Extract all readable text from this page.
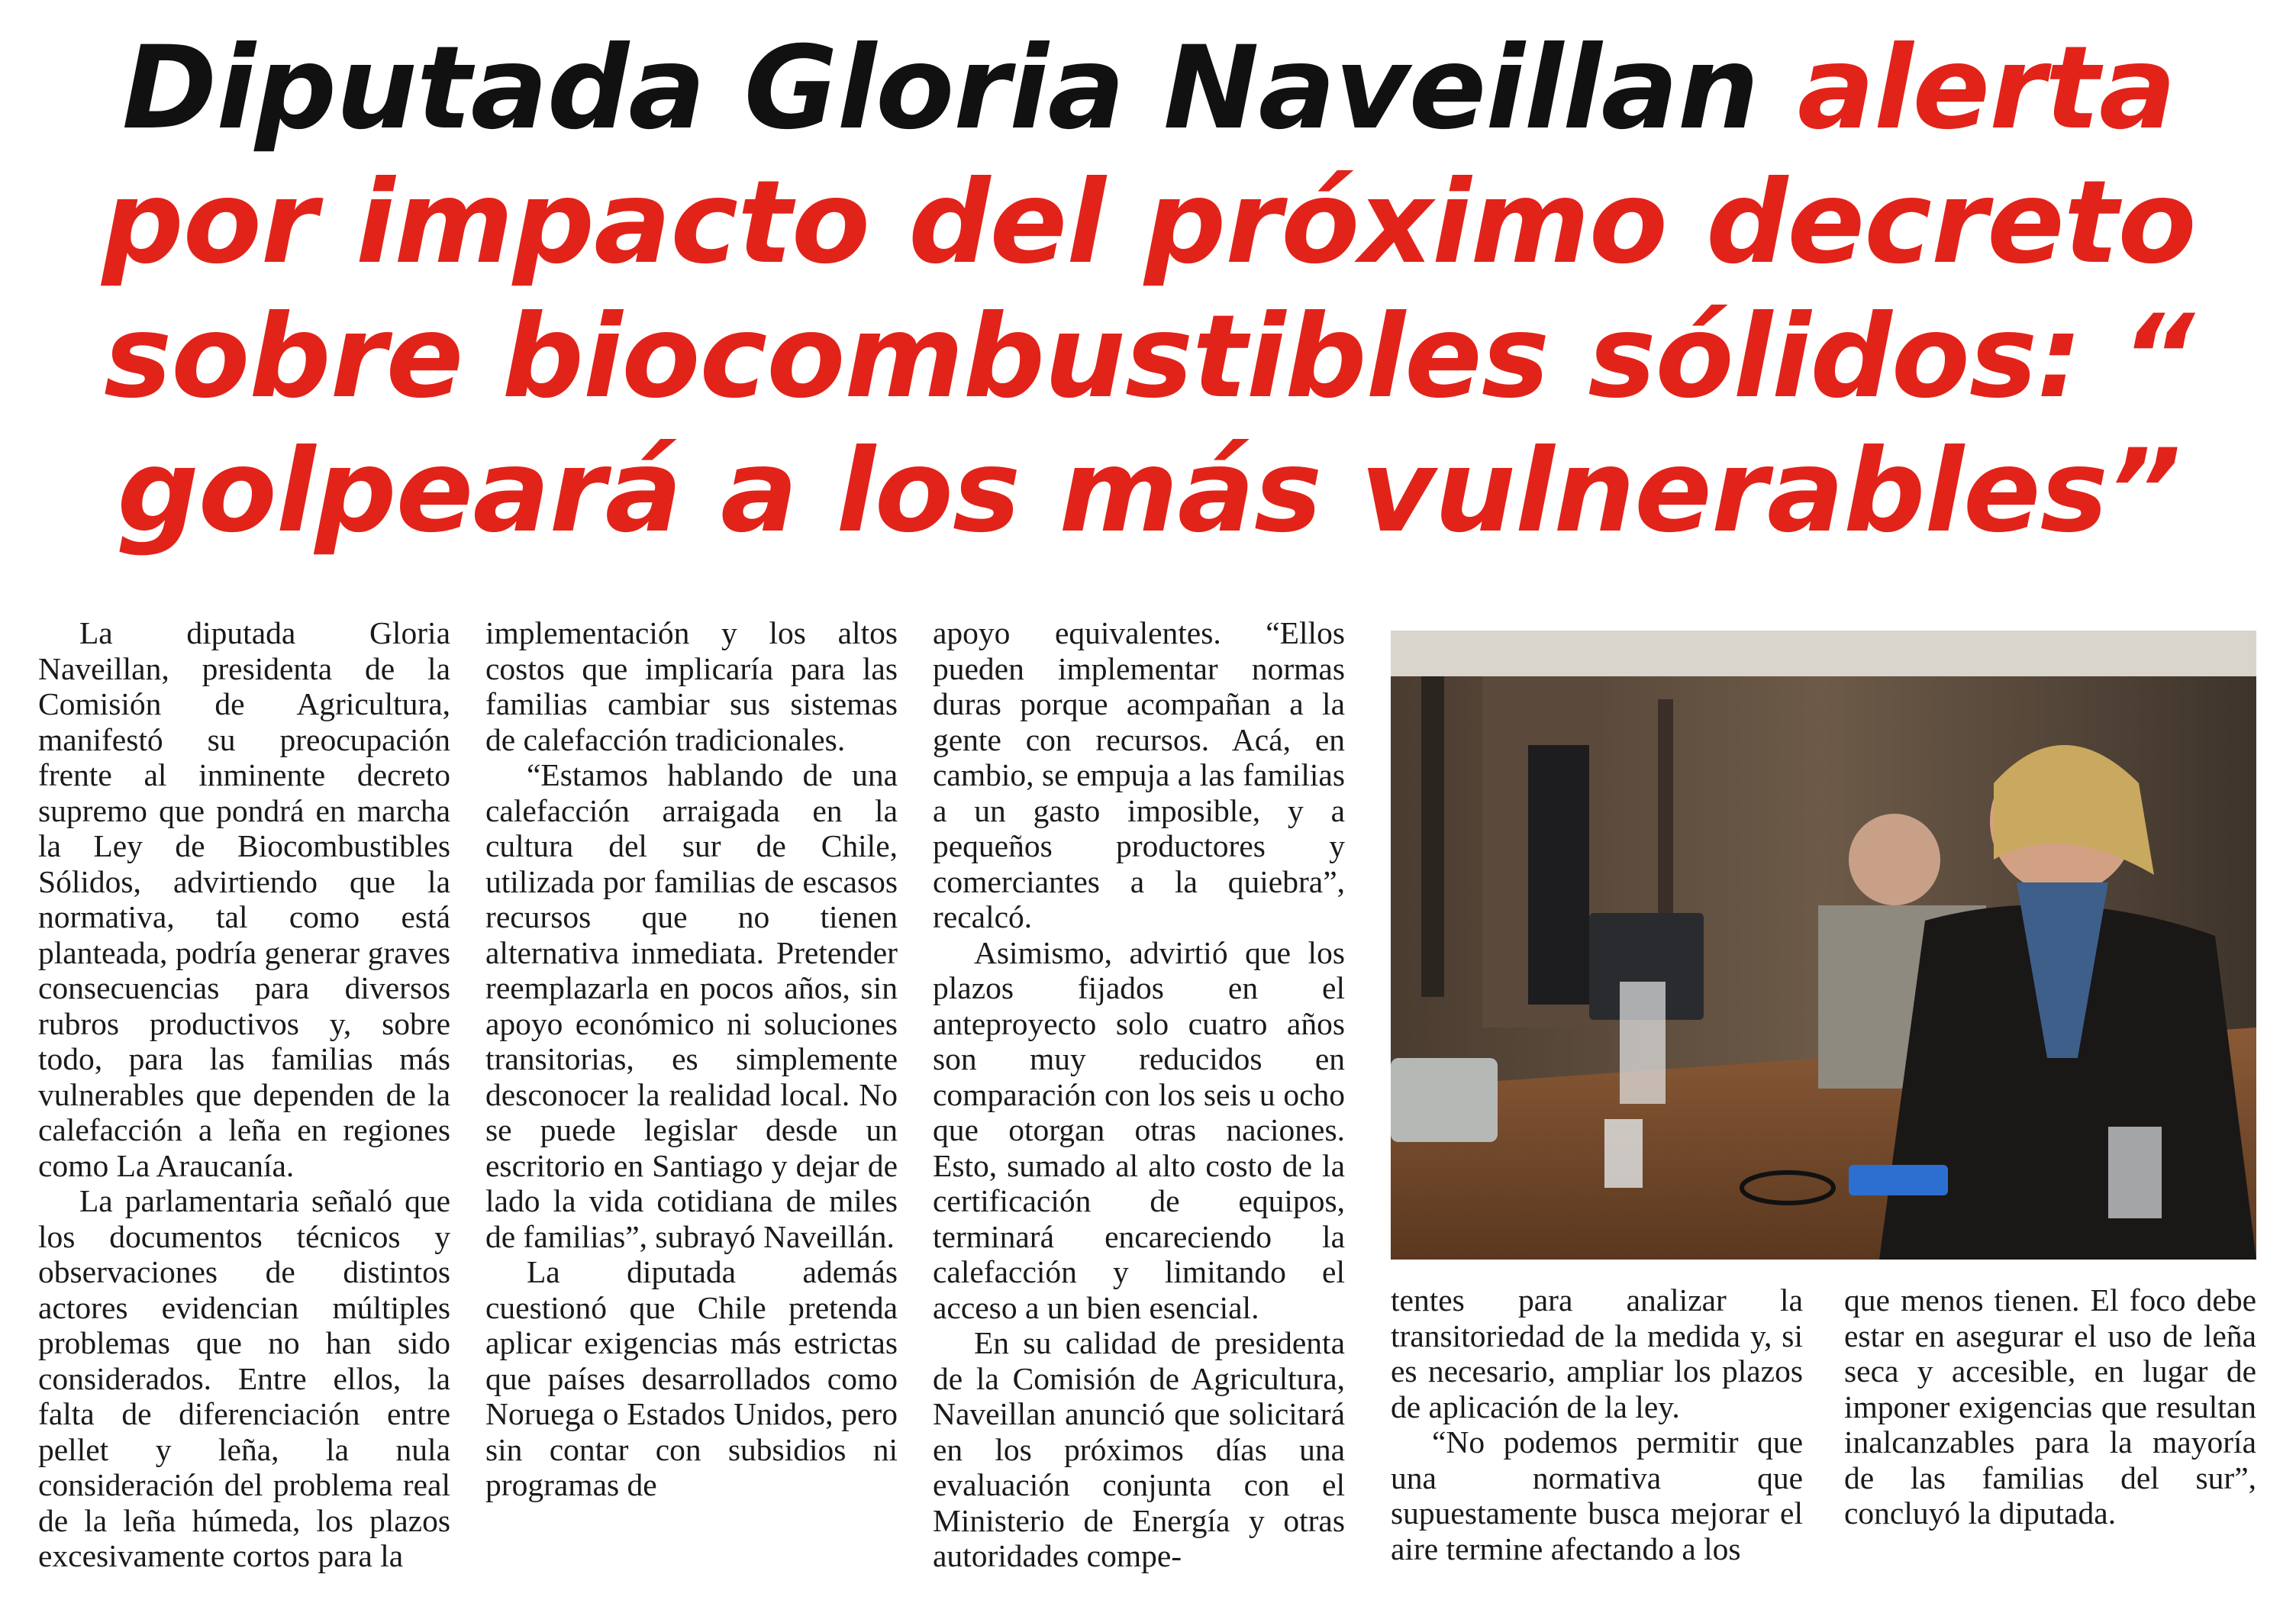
Diputada Gloria Naveillan alerta por impacto del próximo decreto sobre biocombustibles sólidos: “ golpeará a los más vulnerables”

La diputada Gloria Naveillan, presidenta de la Comisión de Agricultura, manifestó su preocupación frente al inminente decreto supremo que pondrá en marcha la Ley de Biocombustibles Sólidos, advirtiendo que la normativa, tal como está planteada, podría generar graves consecuencias para diversos rubros productivos y, sobre todo, para las familias más vulnerables que dependen de la calefacción a leña en regiones como La Araucanía.

La parlamentaria señaló que los documentos técnicos y observaciones de distintos actores evidencian múltiples problemas que no han sido considerados. Entre ellos, la falta de diferenciación entre pellet y leña, la nula consideración del problema real de la leña húmeda, los plazos excesivamente cortos para la

implementación y los altos costos que implicaría para las familias cambiar sus sistemas de calefacción tradicionales.

“Estamos hablando de una calefacción arraigada en la cultura del sur de Chile, utilizada por familias de escasos recursos que no tienen alternativa inmediata. Pretender reemplazarla en pocos años, sin apoyo económico ni soluciones transitorias, es simplemente desconocer la realidad local. No se puede legislar desde un escritorio en Santiago y dejar de lado la vida cotidiana de miles de familias”, subrayó Naveillán.

La diputada además cuestionó que Chile pretenda aplicar exigencias más estrictas que países desarrollados como Noruega o Estados Unidos, pero sin contar con subsidios ni programas de

apoyo equivalentes. “Ellos pueden implementar normas duras porque acompañan a la gente con recursos. Acá, en cambio, se empuja a las familias a un gasto imposible, y a pequeños productores y comerciantes a la quiebra”, recalcó.

Asimismo, advirtió que los plazos fijados en el anteproyecto solo cuatro años son muy reducidos en comparación con los seis u ocho que otorgan otras naciones. Esto, sumado al alto costo de la certificación de equipos, terminará encareciendo la calefacción y limitando el acceso a un bien esencial.

En su calidad de presidenta de la Comisión de Agricultura, Naveillan anunció que solicitará en los próximos días una evaluación conjunta con el Ministerio de Energía y otras autoridades compe-

tentes para analizar la transitoriedad de la medida y, si es necesario, ampliar los plazos de aplicación de la ley.

“No podemos permitir que una normativa que supuestamente busca mejorar el aire termine afectando a los

que menos tienen. El foco debe estar en asegurar el uso de leña seca y accesible, en lugar de imponer exigencias que resultan inalcanzables para la mayoría de las familias del sur”, concluyó la diputada.
